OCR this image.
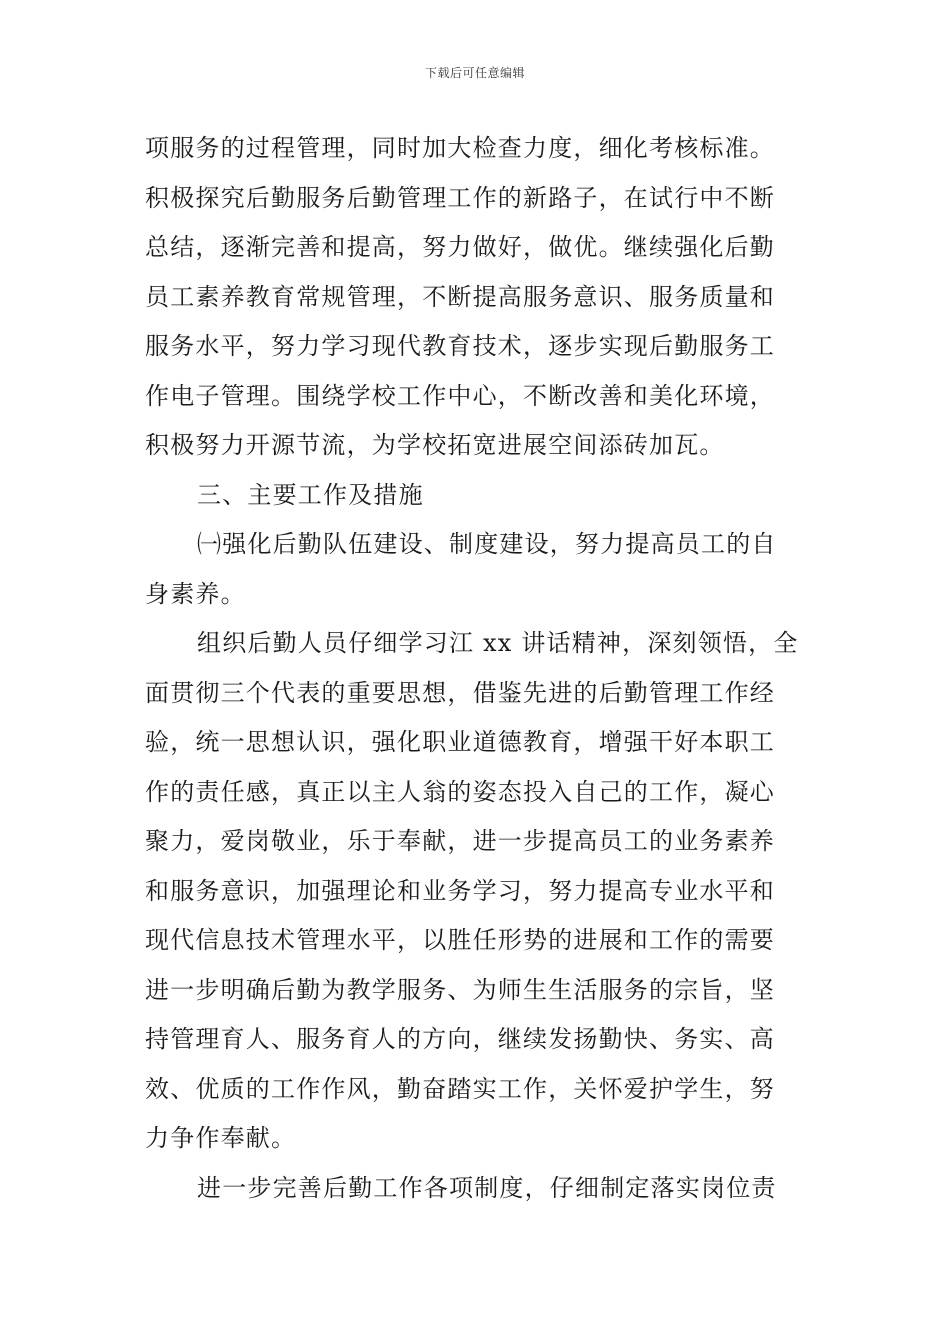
下载后可任意编辑
项服务的过程管理，同时加大检查力度，细化考核标准。
积极探究后勤服务后勤管理工作的新路子，在试行中不断
总结，逐渐完善和提高，努力做好，做优。继续强化后勤
员工素养教育常规管理，不断提高服务意识、服务质量和
服务水平，努力学习现代教育技术，逐步实现后勤服务工
作电子管理。围绕学校工作中心，不断改善和美化环境，
积极努力开源节流，为学校拓宽进展空间添砖加瓦。
三、主要工作及措施
㈠强化后勤队伍建设、制度建设，努力提高员工的自
身素养。
组织后勤人员仔细学习江 xx 讲话精神，深刻领悟，全
面贯彻三个代表的重要思想，借鉴先进的后勤管理工作经
验，统一思想认识，强化职业道德教育，增强干好本职工
作的责任感，真正以主人翁的姿态投入自己的工作，凝心
聚力，爱岗敬业，乐于奉献，进一步提高员工的业务素养
和服务意识，加强理论和业务学习，努力提高专业水平和
现代信息技术管理水平，以胜任形势的进展和工作的需要
进一步明确后勤为教学服务、为师生生活服务的宗旨，坚
持管理育人、服务育人的方向，继续发扬勤快、务实、高
效、优质的工作作风，勤奋踏实工作，关怀爱护学生，努
力争作奉献。
进一步完善后勤工作各项制度，仔细制定落实岗位责
